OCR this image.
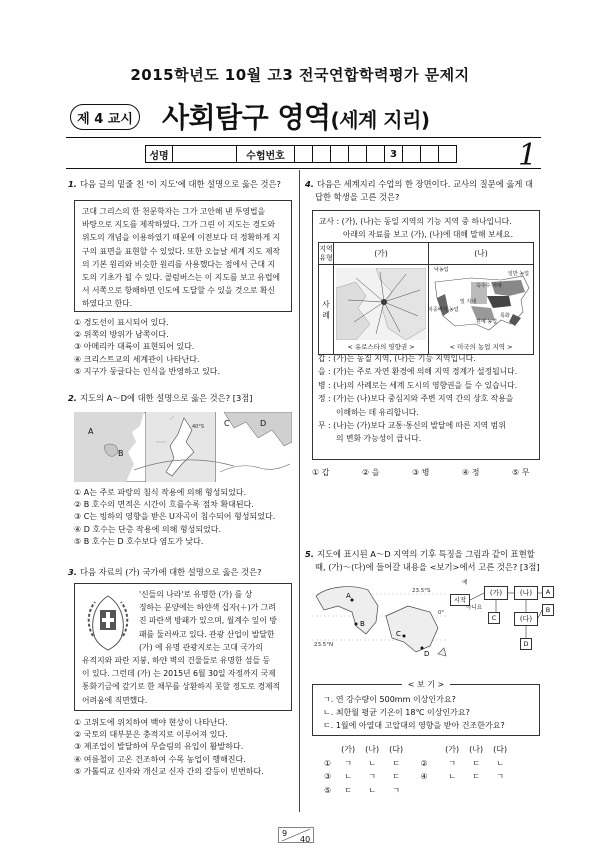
2015학년도 10월 고3 전국연합학력평가 문제지
제 4 교시 사회탐구 영역(세계 지리)
성명	수험번호	3	1
1. 다음 글의 밑줄 친 '이 지도'에 대한 설명으로 옳은 것은?
고대 그리스의 한 천문학자는 그가 고안해 낸 투영법을
바탕으로 지도를 제작하였다. 그가 그린 이 지도는 경도와
위도의 개념을 이용하였기 때문에 이전보다 더 정확하게 지
구의 표면을 표현할 수 있었다. 또한 오늘날 세계 지도 제작
의 기본 원리와 비슷한 원리를 사용했다는 점에서 근대 지
도의 기초가 될 수 있다. 콜럼버스는 이 지도를 보고 유럽에
서 서쪽으로 항해하면 인도에 도달할 수 있을 것으로 확신
하였다고 한다.
① 경도선이 표시되어 있다.
② 위쪽의 방위가 남쪽이다.
③ 아메리카 대륙이 표현되어 있다.
④ 크리스트교의 세계관이 나타난다.
⑤ 지구가 둥글다는 인식을 반영하고 있다.
2. 지도의 A～D에 대한 설명으로 옳은 것은? [3점]
40°S
A
B
C	D
① A는 주로 파랑의 침식 작용에 의해 형성되었다.
② B 호수의 면적은 시간이 흐를수록 점차 확대된다.
③ C는 빙하의 영향을 받은 U자곡이 침수되어 형성되었다.
④ D 호수는 단층 작용에 의해 형성되었다.
⑤ B 호수는 D 호수보다 염도가 낮다.
3. 다음 자료의 (가) 국가에 대한 설명으로 옳은 것은?
'신들의 나라'로 유명한 (가) 를 상
징하는 문양에는 하얀색 십자(＋)가 그려
진 파란색 방패가 있으며, 월계수 잎이 방
패를 둘러싸고 있다. 관광 산업이 발달한
(가) 에 유명 관광지로는 고대 국가의
유적지와 파란 지붕, 하얀 벽의 건물들로 유명한 섬들 등
이 있다. 그런데 (가) 는 2015년 6월 30일 자정까지 국제
통화기금에 갚기로 한 채무를 상환하지 못할 정도로 경제적
어려움에 직면했다.
① 고위도에 위치하여 백야 현상이 나타난다.
② 국토의 대부분은 충적지로 이루어져 있다.
③ 제조업이 발달하여 무슬림의 유입이 활발하다.
④ 여름철이 고온 건조하여 수목 농업이 행해진다.
⑤ 가톨릭교 신자와 개신교 신자 간의 갈등이 빈번하다.
4. 다음은 세계지리 수업의 한 장면이다. 교사의 질문에 옳게 대
답한 학생을 고른 것은?
교사 : (가), (나)는 동일 지역의 기능 지역 중 하나입니다.
아래의 자료를 보고 (가), (나)에 대해 말해 보세요.
지역
유형	(가)	(나)
사례	< 유로스타의 영향권 >	< 미국의 농업 지역 >
낙농업
옥수수 지대
일반 농업
밀 지대
목화
지중해식 농업
원예 농업
갑 : (가)는 동질 지역, (나)는 기능 지역입니다.
을 : (가)는 주로 자연 환경에 의해 지역 경계가 설정됩니다.
병 : (나)의 사례로는 세계 도시의 영향권을 들 수 있습니다.
정 : (가)는 (나)보다 중심지와 주변 지역 간의 상호 작용을
이해하는 데 유리합니다.
무 : (나)는 (가)보다 교통·통신의 발달에 따른 지역 범위
의 변화 가능성이 큽니다.
① 갑	② 을	③ 병	④ 정	⑤ 무
5. 지도에 표시된 A～D 지역의 기후 특징을 그림과 같이 표현할
때, (가)～(다)에 들어갈 내용을 <보기>에서 고른 것은? [3점]
A
B
C
D
23.5°S
0°
23.5°N
시작
(가)	(나)
(다)
A
B
C
D
예
아니요
< 보 기 >
ㄱ. 연 강수량이 500mm 이상인가요?
ㄴ. 최한월 평균 기온이 18℃ 이상인가요?
ㄷ. 1월에 아열대 고압대의 영향을 받아 건조한가요?
	(가)	(나)	(다)		(가)	(나)	(다)
①	ㄱ	ㄴ	ㄷ	②	ㄱ	ㄷ	ㄴ
③	ㄴ	ㄱ	ㄷ	④	ㄴ	ㄷ	ㄱ
⑤	ㄷ	ㄴ	ㄱ				
9
40
